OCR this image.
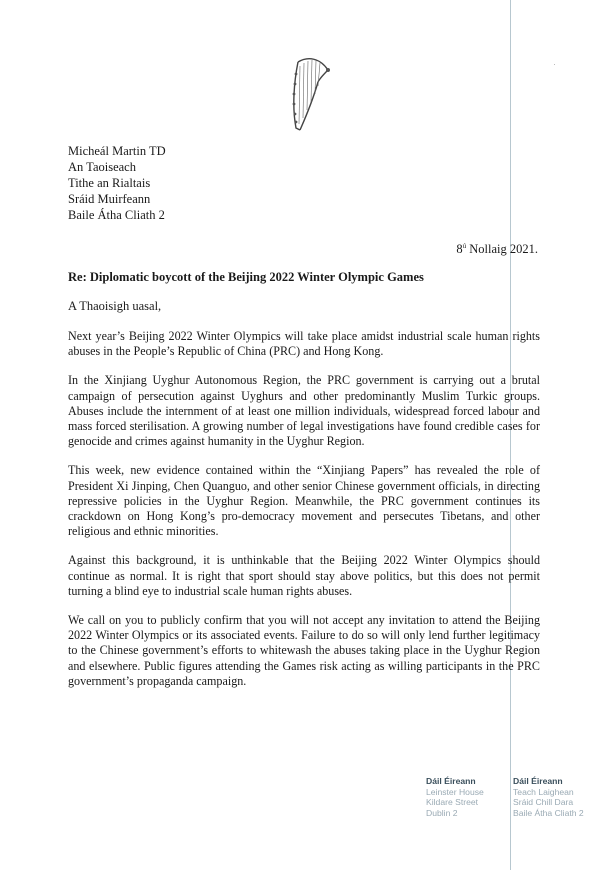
Micheál Martin TD
An Taoiseach
Tithe an Rialtais
Sráid Muirfeann
Baile Átha Cliath 2
$8^ú$ Nollaig 2021.
Re: Diplomatic boycott of the Beijing 2022 Winter Olympic Games
A Thaoisigh uasal,

Next year’s Beijing 2022 Winter Olympics will take place amidst industrial scale human rights abuses in the People’s Republic of China (PRC) and Hong Kong.

In the Xinjiang Uyghur Autonomous Region, the PRC government is carrying out a brutal campaign of persecution against Uyghurs and other predominantly Muslim Turkic groups. Abuses include the internment of at least one million individuals, widespread forced labour and mass forced sterilisation. A growing number of legal investigations have found credible cases for genocide and crimes against humanity in the Uyghur Region.

This week, new evidence contained within the “Xinjiang Papers” has revealed the role of President Xi Jinping, Chen Quanguo, and other senior Chinese government officials, in directing repressive policies in the Uyghur Region. Meanwhile, the PRC government continues its crackdown on Hong Kong’s pro-democracy movement and persecutes Tibetans, and other religious and ethnic minorities.

Against this background, it is unthinkable that the Beijing 2022 Winter Olympics should continue as normal. It is right that sport should stay above politics, but this does not permit turning a blind eye to industrial scale human rights abuses.

We call on you to publicly confirm that you will not accept any invitation to attend the Beijing 2022 Winter Olympics or its associated events. Failure to do so will only lend further legitimacy to the Chinese government’s efforts to whitewash the abuses taking place in the Uyghur Region and elsewhere. Public figures attending the Games risk acting as willing participants in the PRC government’s propaganda campaign.

Dáil Éireann
Leinster House
Kildare Street
Dublin 2
Dáil Éireann
Teach Laighean
Sráid Chill Dara
Baile Átha Cliath 2
